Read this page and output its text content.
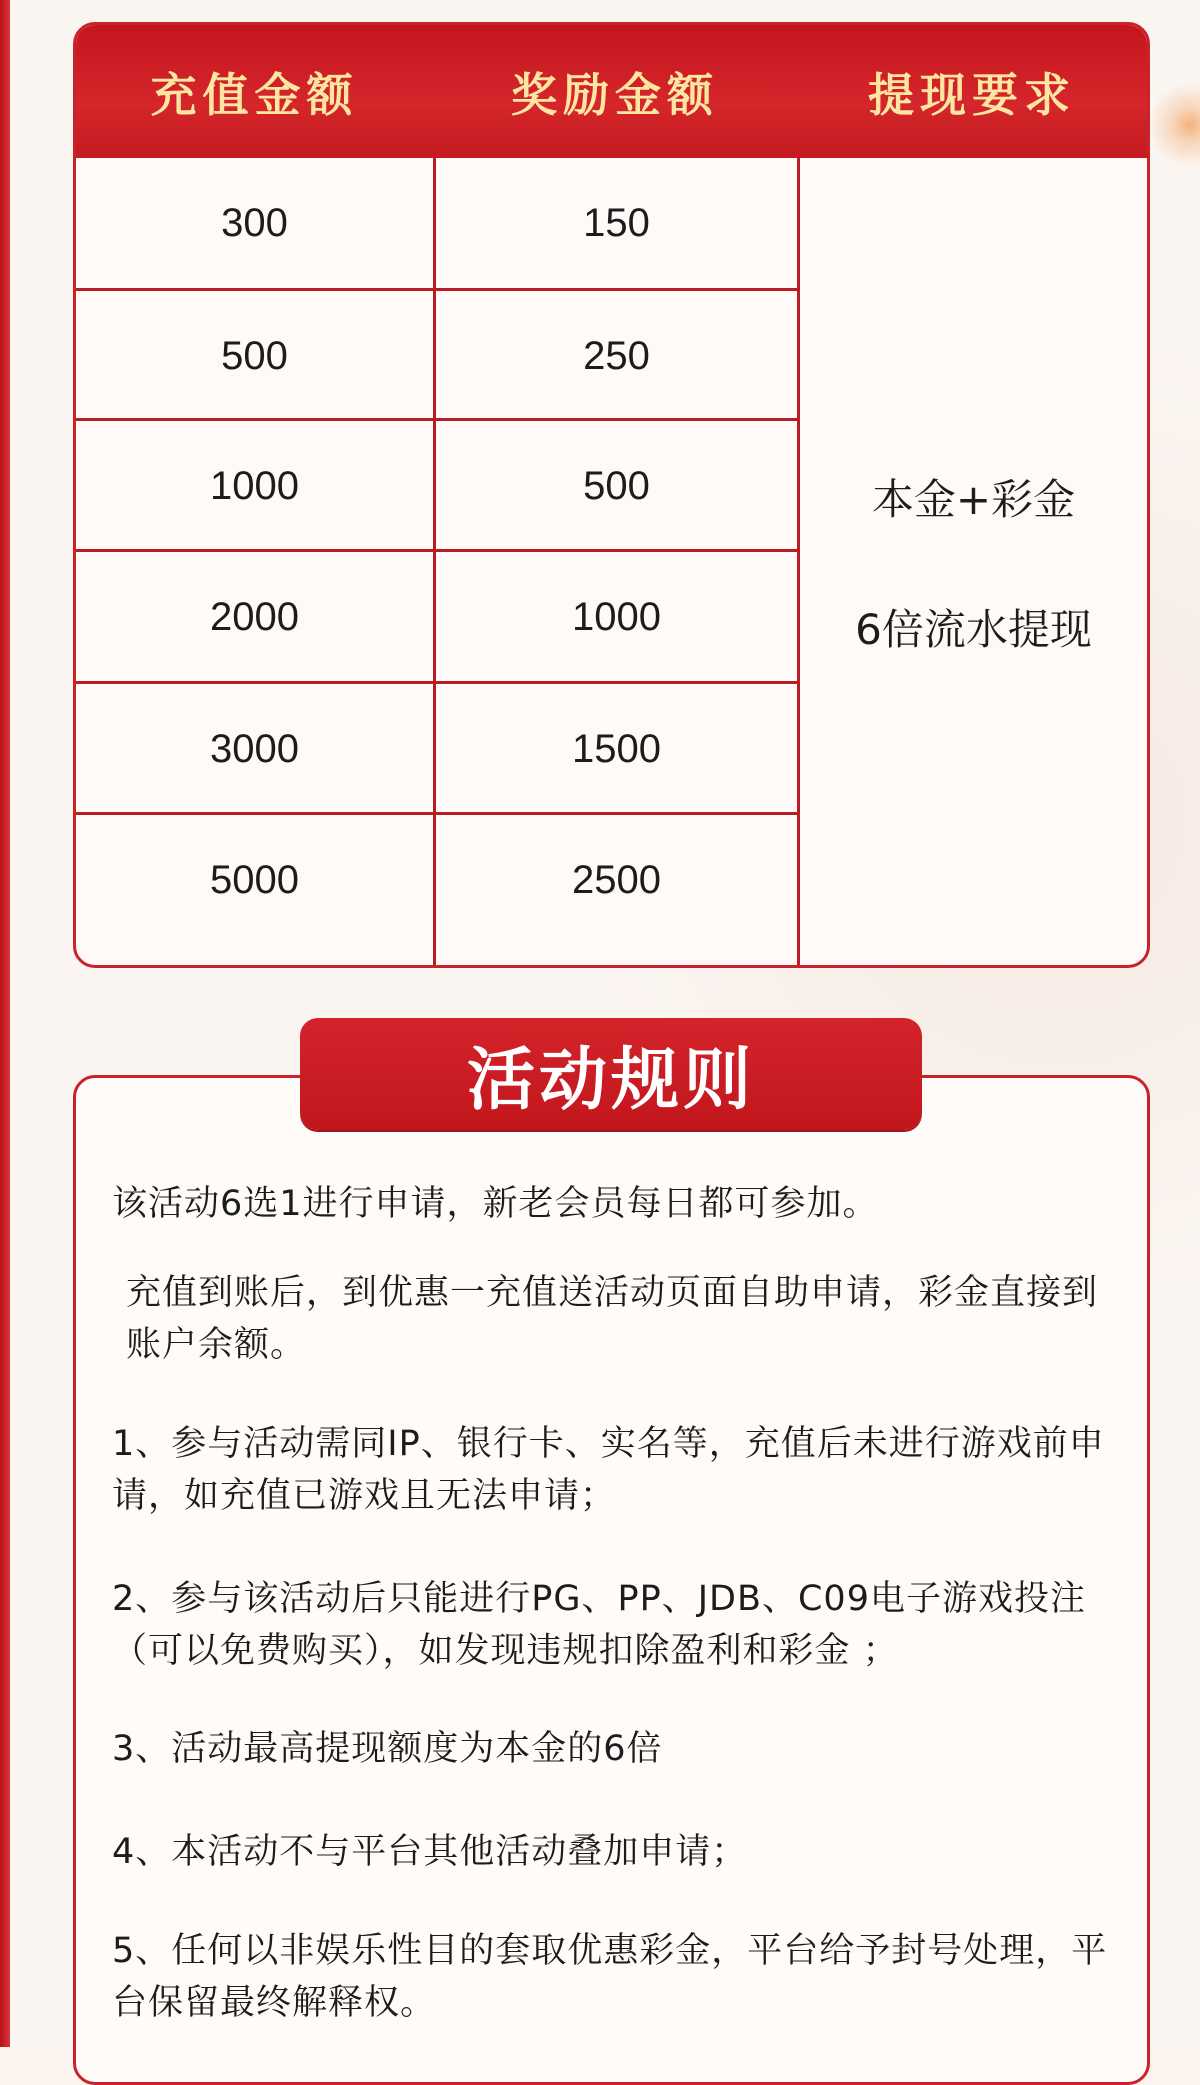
充值金额	奖励金额	提现要求
300	150
500	250
1000	500
2000	1000
3000	1500
5000	2500
本金+彩金
6倍流水提现
活动规则
该活动6选1进行申请，新老会员每日都可参加。
充值到账后，到优惠一充值送活动页面自助申请，彩金直接到账户余额。
1、参与活动需同IP、银行卡、实名等，充值后未进行游戏前申请，如充值已游戏且无法申请；
2、参与该活动后只能进行PG、PP、JDB、C09电子游戏投注（可以免费购买），如发现违规扣除盈利和彩金 ；
3、活动最高提现额度为本金的6倍
4、本活动不与平台其他活动叠加申请；
5、任何以非娱乐性目的套取优惠彩金，平台给予封号处理，平台保留最终解释权。
